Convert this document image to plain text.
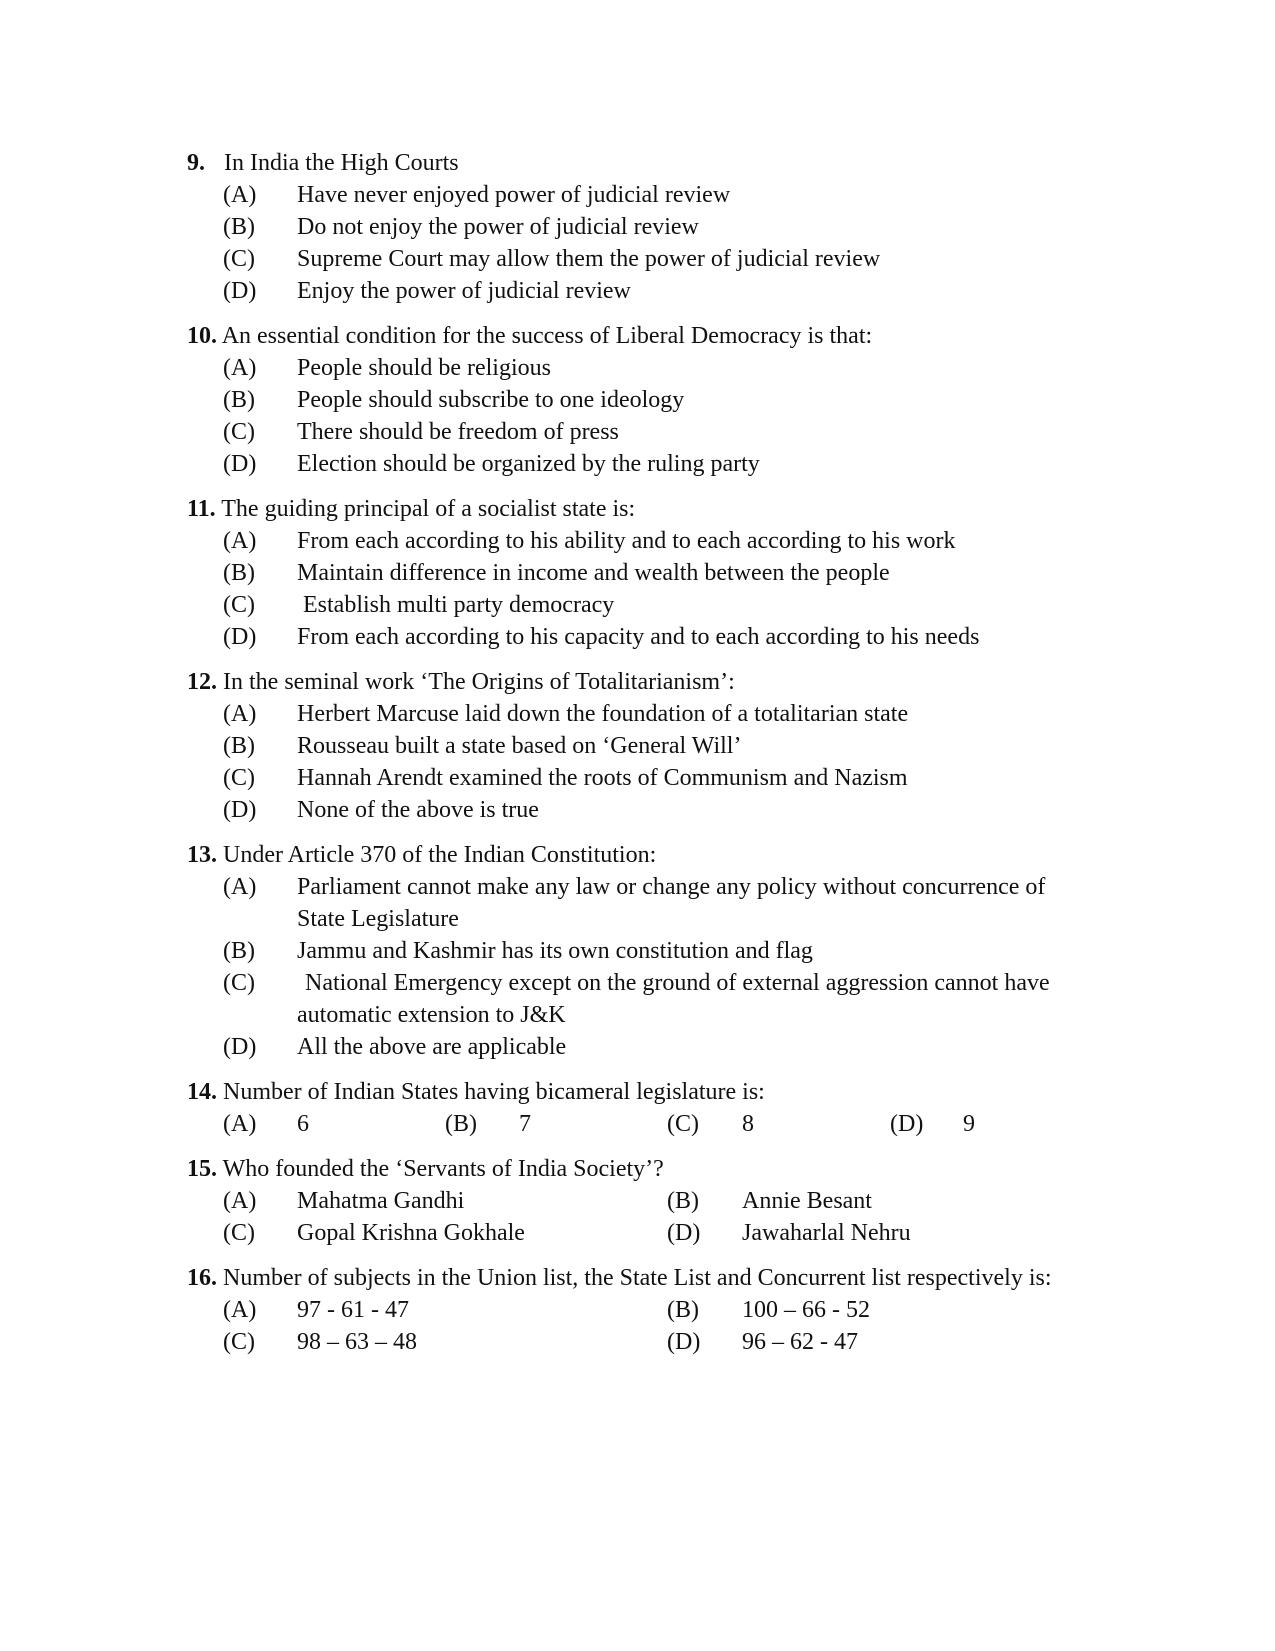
9. In India the High Courts
(A) Have never enjoyed power of judicial review
(B) Do not enjoy the power of judicial review
(C) Supreme Court may allow them the power of judicial review
(D) Enjoy the power of judicial review
10. An essential condition for the success of Liberal Democracy is that:
(A) People should be religious
(B) People should subscribe to one ideology
(C) There should be freedom of press
(D) Election should be organized by the ruling party
11. The guiding principal of a socialist state is:
(A) From each according to his ability and to each according to his work
(B) Maintain difference in income and wealth between the people
(C) Establish multi party democracy
(D) From each according to his capacity and to each according to his needs
12. In the seminal work ‘The Origins of Totalitarianism’:
(A) Herbert Marcuse laid down the foundation of a totalitarian state
(B) Rousseau built a state based on ‘General Will’
(C) Hannah Arendt examined the roots of Communism and Nazism
(D) None of the above is true
13. Under Article 370 of the Indian Constitution:
(A) Parliament cannot make any law or change any policy without concurrence of
State Legislature
(B) Jammu and Kashmir has its own constitution and flag
(C) National Emergency except on the ground of external aggression cannot have
automatic extension to J&K
(D) All the above are applicable
14. Number of Indian States having bicameral legislature is:
(A) 6	(B) 7	(C) 8	(D) 9
15. Who founded the ‘Servants of India Society’?
(A) Mahatma Gandhi	(B) Annie Besant
(C) Gopal Krishna Gokhale	(D) Jawaharlal Nehru
16. Number of subjects in the Union list, the State List and Concurrent list respectively is:
(A) 97 - 61 - 47	(B) 100 – 66 - 52
(C) 98 – 63 – 48	(D) 96 – 62 - 47
